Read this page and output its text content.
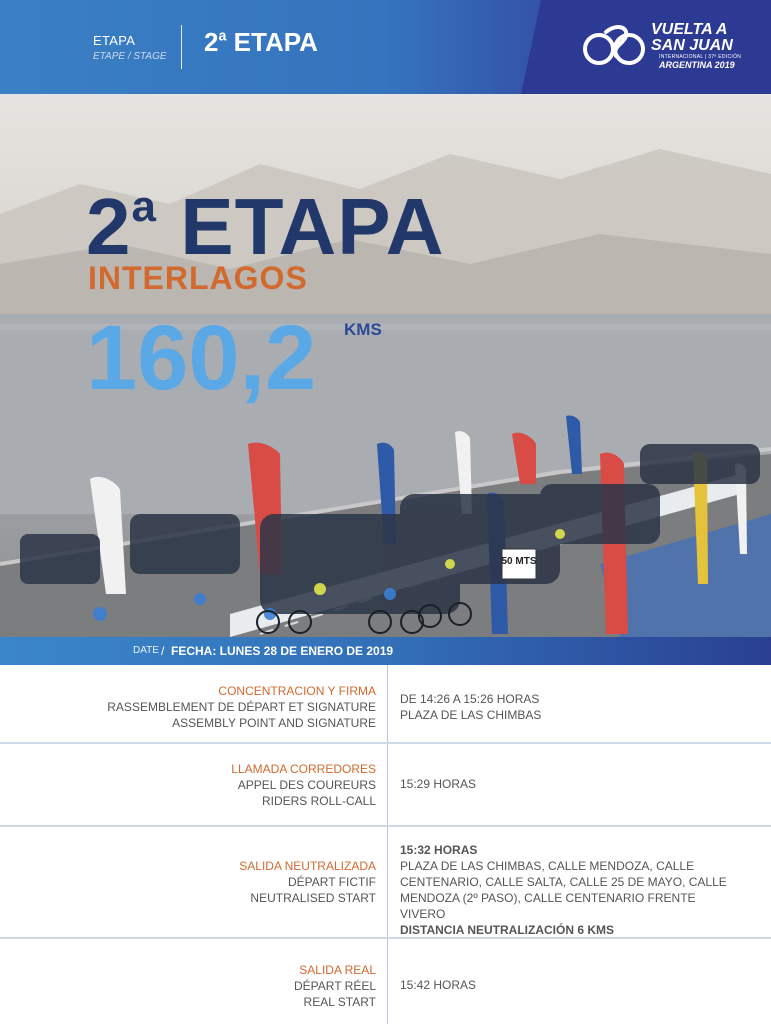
ETAPA
ETAPE / STAGE 2$^a$ ETAPA	VUELTA A
SAN JUAN
INTERNACIONAL | 37ª EDICIÓN
ARGENTINA 2019
50 MTS
2$^a$ ETAPA
INTERLAGOS
160,2 KMS
DATE / FECHA: LUNES 28 DE ENERO DE 2019
CONCENTRACION Y FIRMA
RASSEMBLEMENT DE DÉPART ET SIGNATURE
ASSEMBLY POINT AND SIGNATURE
DE 14:26 A 15:26 HORAS
PLAZA DE LAS CHIMBAS
LLAMADA CORREDORES
APPEL DES COUREURS
RIDERS ROLL-CALL
15:29 HORAS
SALIDA NEUTRALIZADA
DÉPART FICTIF
NEUTRALISED START
15:32 HORAS
PLAZA DE LAS CHIMBAS, CALLE MENDOZA, CALLE
CENTENARIO, CALLE SALTA, CALLE 25 DE MAYO, CALLE
MENDOZA (2º PASO), CALLE CENTENARIO FRENTE VIVERO
DISTANCIA NEUTRALIZACIÓN 6 KMS
SALIDA REAL
DÉPART RÉEL
REAL START
15:42 HORAS
